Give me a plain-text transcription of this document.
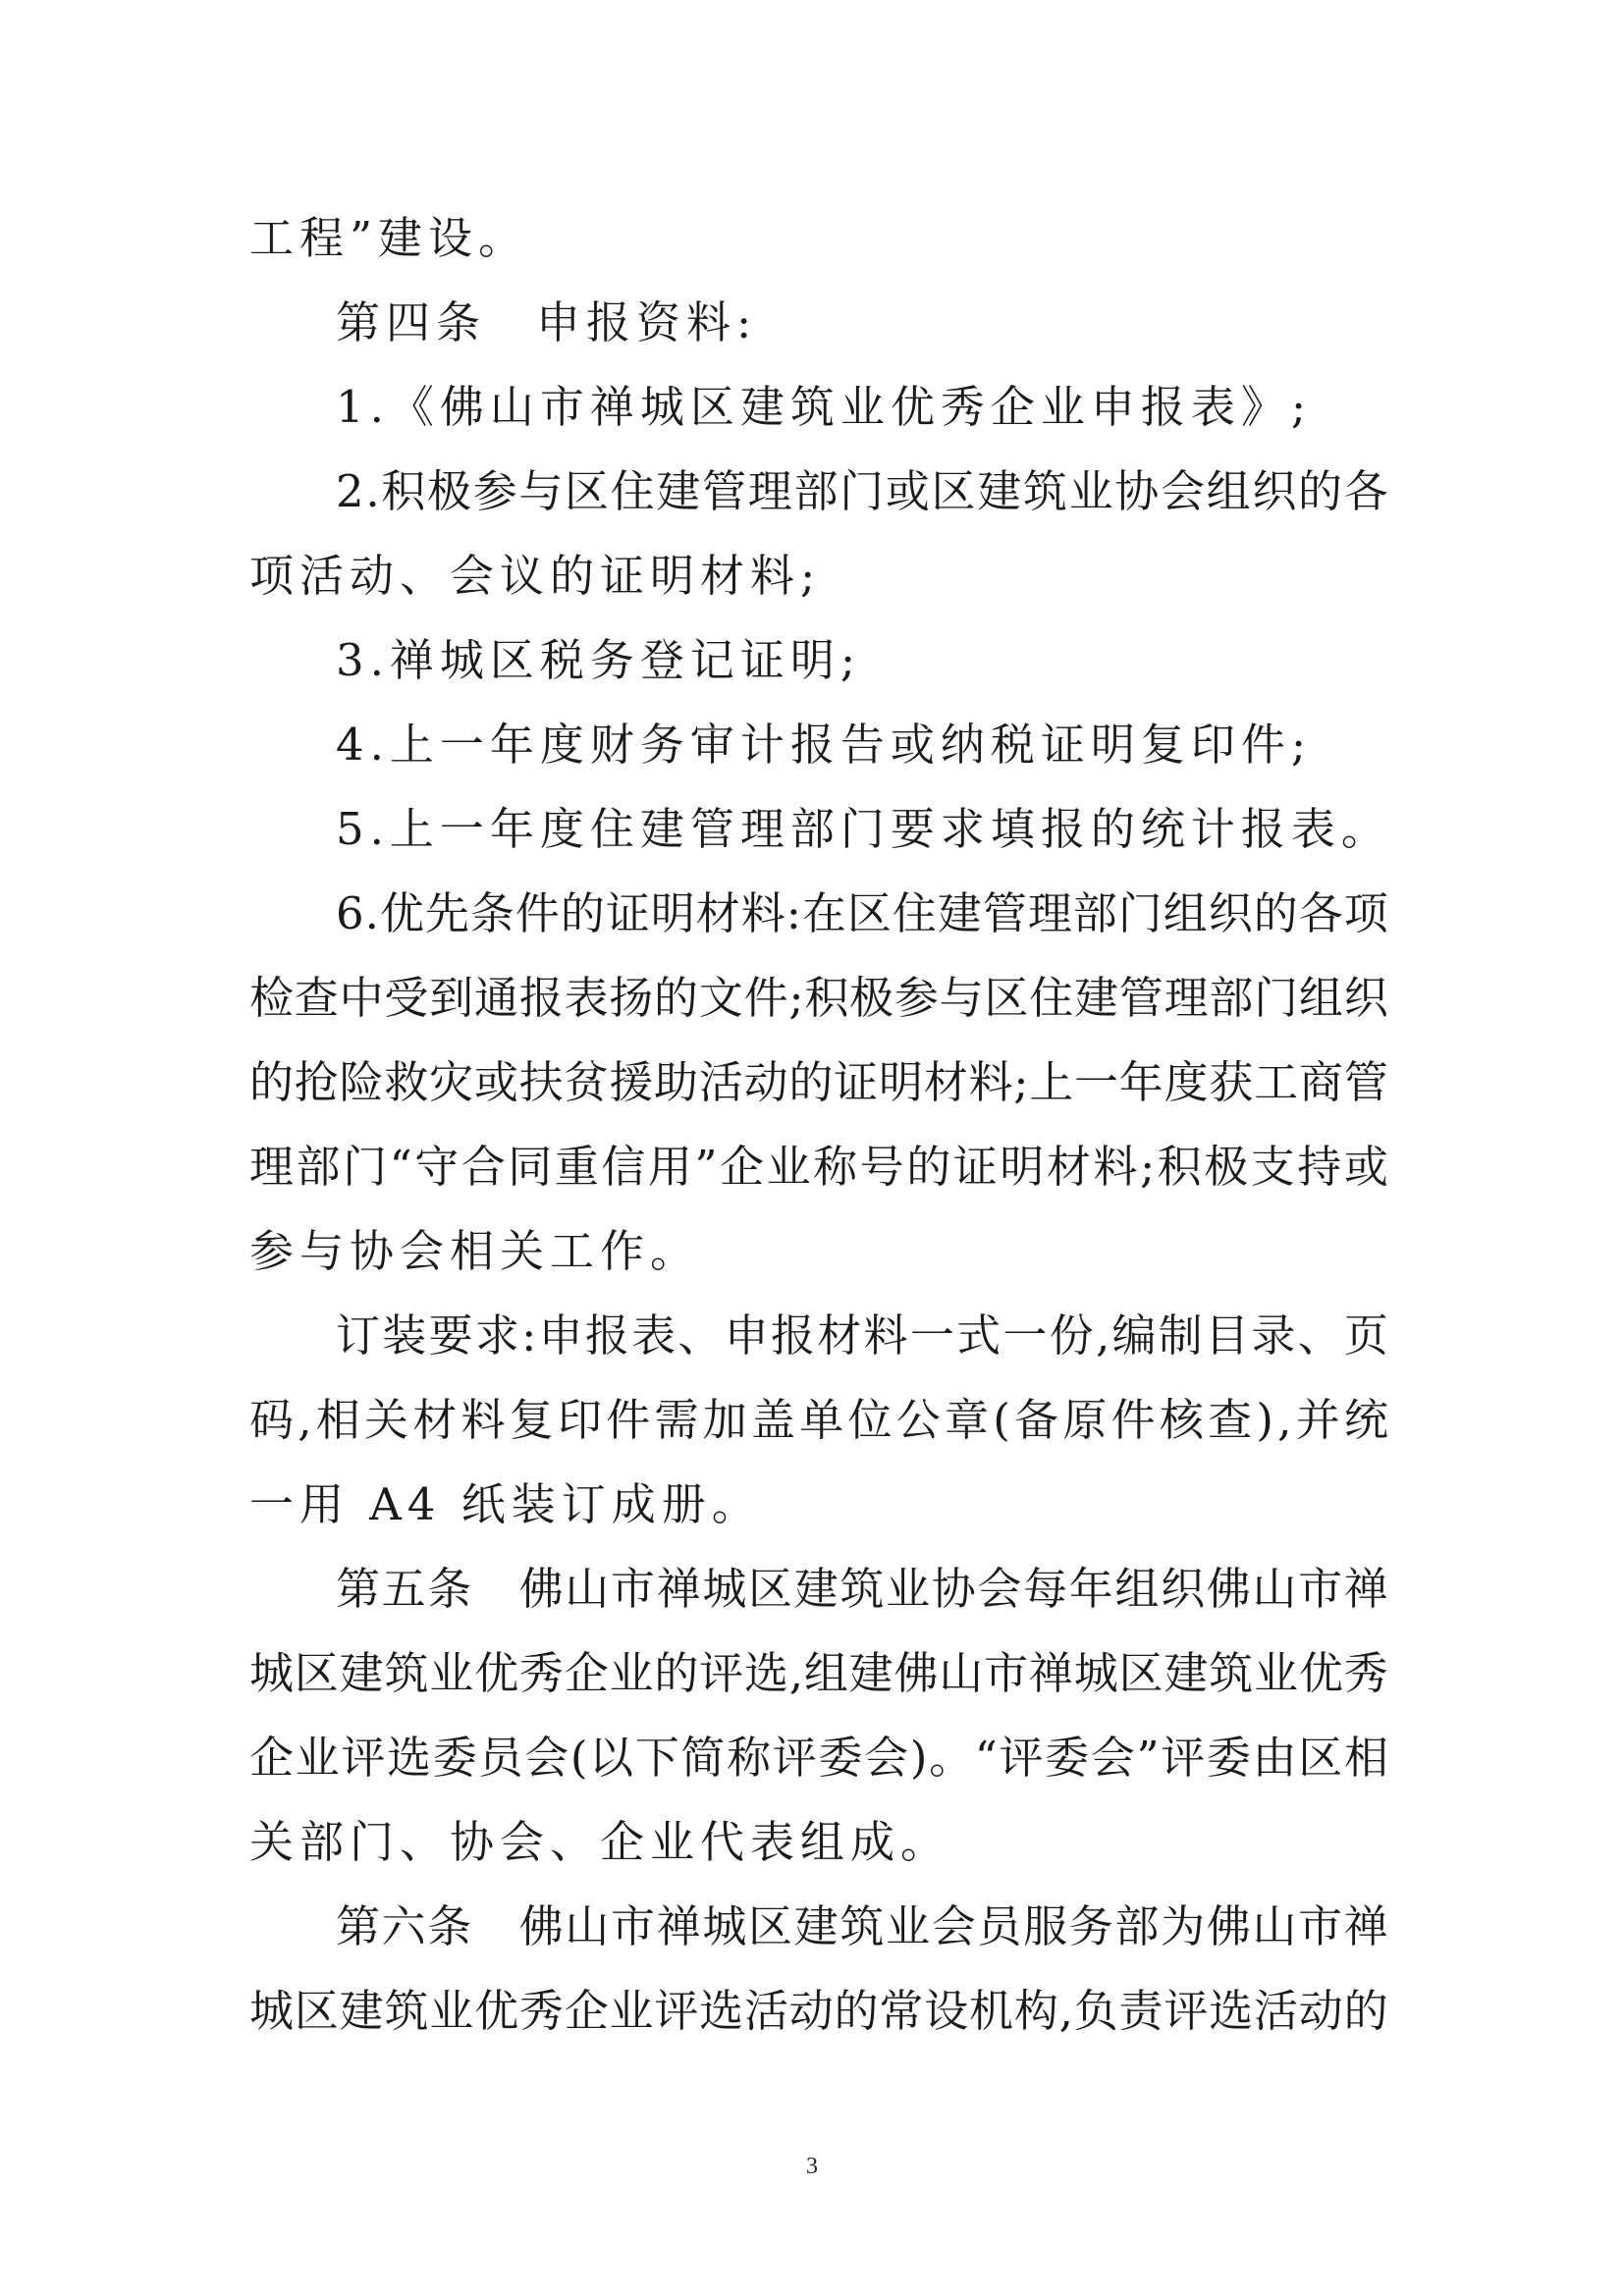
工程”建设。
第四条　申报资料:
1.《佛山市禅城区建筑业优秀企业申报表》;
2 . 积 极 参 与 区 住 建 管 理 部 门 或 区 建 筑 业 协 会 组 织 的 各
项活动、会议的证明材料;
3.禅城区税务登记证明;
4.上一年度财务审计报告或纳税证明复印件;
5.上一年度住建管理部门要求填报的统计报表。
6 . 优 先 条 件 的 证 明 材 料 : 在 区 住 建 管 理 部 门 组 织 的 各 项
检 查 中 受 到 通 报 表 扬 的 文 件 ; 积 极 参 与 区 住 建 管 理 部 门 组 织
的 抢 险 救 灾 或 扶 贫 援 助 活 动 的 证 明 材 料 ; 上 一 年 度 获 工 商 管
理 部 门 “ 守 合 同 重 信 用 ” 企 业 称 号 的 证 明 材 料 ; 积 极 支 持 或
参与协会相关工作。
订 装 要 求 : 申 报 表 、 申 报 材 料 一 式 一 份 , 编 制 目 录 、 页
码 , 相 关 材 料 复 印 件 需 加 盖 单 位 公 章 ( 备 原 件 核 查 ) , 并 统
一用 A4 纸装订成册。
第 五 条
　 佛 山 市 禅 城 区 建 筑 业 协 会 每 年 组 织 佛 山 市 禅
城 区 建 筑 业 优 秀 企 业 的 评 选 , 组 建 佛 山 市 禅 城 区 建 筑 业 优 秀
企 业 评 选 委 员 会 ( 以 下 简 称 评 委 会 ) 。 “ 评 委 会 ” 评 委 由 区 相
关部门、协会、企业代表组成。
第 六 条
　 佛 山 市 禅 城 区 建 筑 业 会 员 服 务 部 为 佛 山 市 禅
城 区 建 筑 业 优 秀 企 业 评 选 活 动 的 常 设 机 构 , 负 责 评 选 活 动 的
3
